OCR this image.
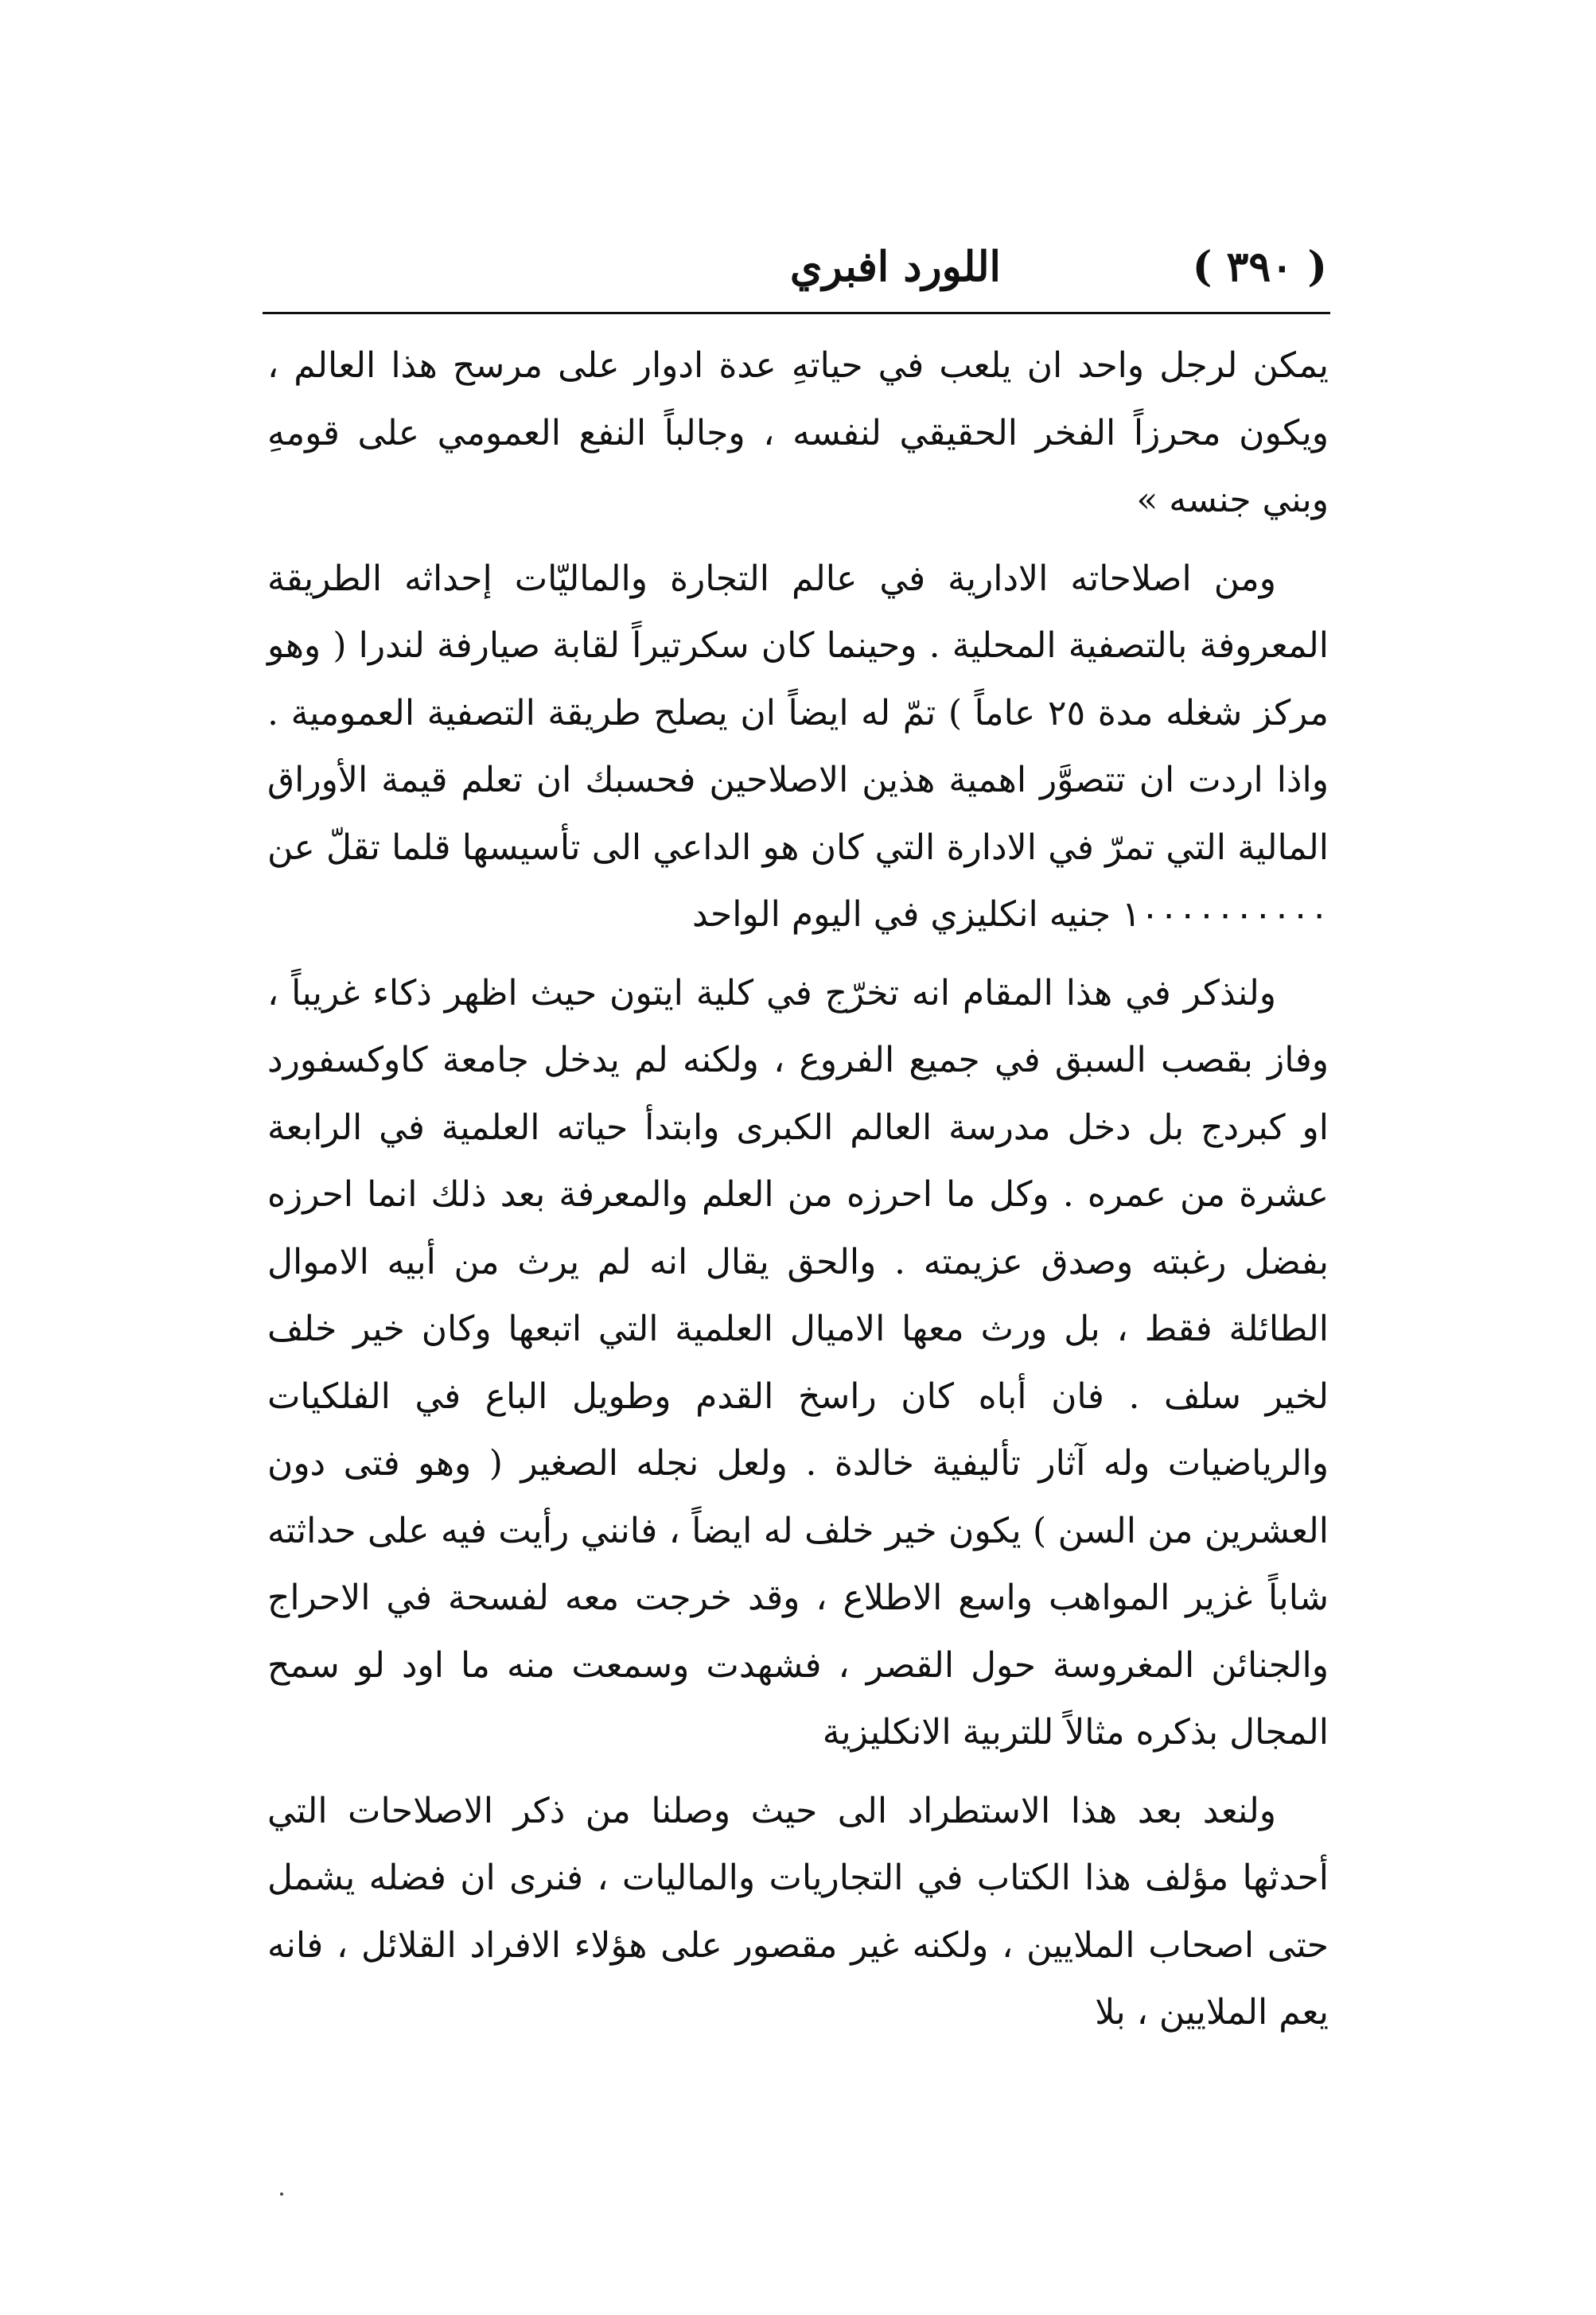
( ٣٩٠ )
اللورد افبري

يمكن لرجل واحد ان يلعب في حياتهِ عدة ادوار على مرسح هذا العالم ، ويكون محرزاً الفخر الحقيقي لنفسه ، وجالباً النفع العمومي على قومهِ وبني جنسه »

ومن اصلاحاته الادارية في عالم التجارة والماليّات إحداثه الطريقة المعروفة بالتصفية المحلية . وحينما كان سكرتيراً لقابة صيارفة لندرا ( وهو مركز شغله مدة ٢٥ عاماً ) تمّ له ايضاً ان يصلح طريقة التصفية العمومية . واذا اردت ان تتصوَّر اهمية هذين الاصلاحين فحسبك ان تعلم قيمة الأوراق المالية التي تمرّ في الادارة التي كان هو الداعي الى تأسيسها قلما تقلّ عن ١٠٠٠٠٠٠٠٠٠٠ جنيه انكليزي في اليوم الواحد

ولنذكر في هذا المقام انه تخرّج في كلية ايتون حيث اظهر ذكاء غريباً ، وفاز بقصب السبق في جميع الفروع ، ولكنه لم يدخل جامعة كاوكسفورد او كبردج بل دخل مدرسة العالم الكبرى وابتدأ حياته العلمية في الرابعة عشرة من عمره . وكل ما احرزه من العلم والمعرفة بعد ذلك انما احرزه بفضل رغبته وصدق عزيمته . والحق يقال انه لم يرث من أبيه الاموال الطائلة فقط ، بل ورث معها الاميال العلمية التي اتبعها وكان خير خلف لخير سلف . فان أباه كان راسخ القدم وطويل الباع في الفلكيات والرياضيات وله آثار تأليفية خالدة . ولعل نجله الصغير ( وهو فتى دون العشرين من السن ) يكون خير خلف له ايضاً ، فانني رأيت فيه على حداثته شاباً غزير المواهب واسع الاطلاع ، وقد خرجت معه لفسحة في الاحراج والجنائن المغروسة حول القصر ، فشهدت وسمعت منه ما اود لو سمح المجال بذكره مثالاً للتربية الانكليزية

ولنعد بعد هذا الاستطراد الى حيث وصلنا من ذكر الاصلاحات التي أحدثها مؤلف هذا الكتاب في التجاريات والماليات ، فنرى ان فضله يشمل حتى اصحاب الملايين ، ولكنه غير مقصور على هؤلاء الافراد القلائل ، فانه يعم الملايين ، بلا
